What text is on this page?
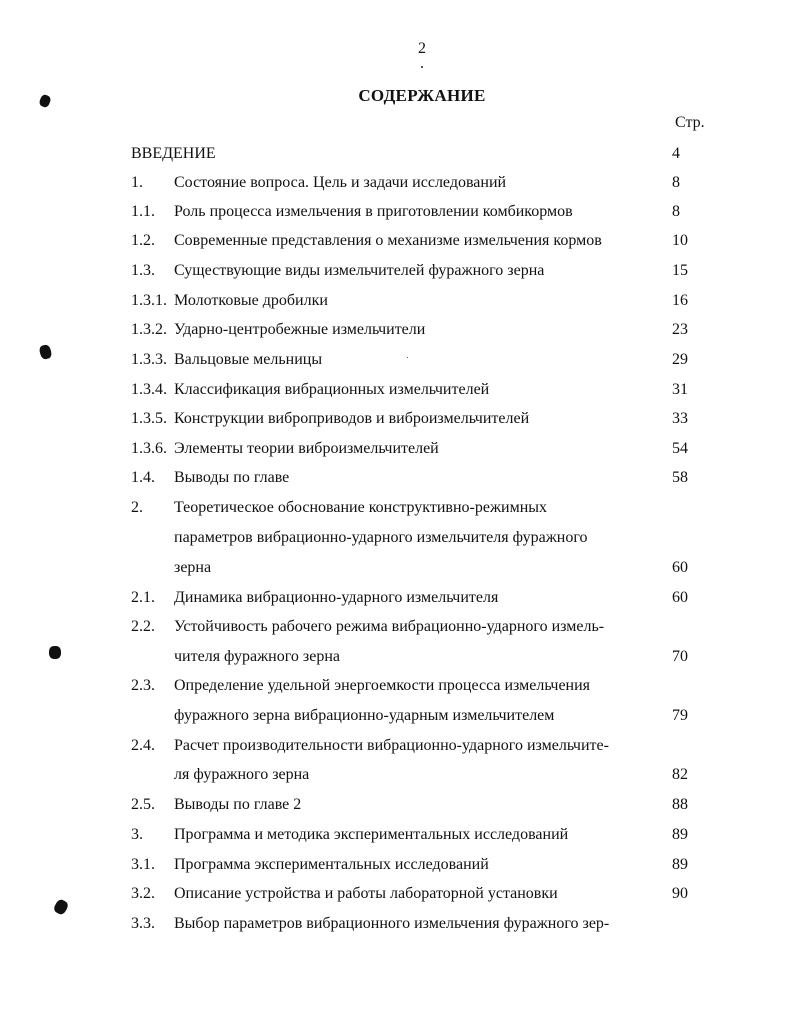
2
СОДЕРЖАНИЕ
Стр.
ВВЕДЕНИЕ	4
1. Состояние вопроса. Цель и задачи исследований	8
1.1. Роль процесса измельчения в приготовлении комбикормов	8
1.2. Современные представления о механизме измельчения кормов	10
1.3. Существующие виды измельчителей фуражного зерна	15
1.3.1. Молотковые дробилки	16
1.3.2. Ударно-центробежные измельчители	23
1.3.3. Вальцовые мельницы	29
1.3.4. Классификация вибрационных измельчителей	31
1.3.5. Конструкции виброприводов и виброизмельчителей	33
1.3.6. Элементы теории виброизмельчителей	54
1.4. Выводы по главе	58
2. Теоретическое обоснование конструктивно-режимных
параметров вибрационно-ударного измельчителя фуражного
зерна	60
2.1. Динамика вибрационно-ударного измельчителя	60
2.2. Устойчивость рабочего режима вибрационно-ударного измель-
чителя фуражного зерна	70
2.3. Определение удельной энергоемкости процесса измельчения
фуражного зерна вибрационно-ударным измельчителем	79
2.4. Расчет производительности вибрационно-ударного измельчите-
ля фуражного зерна	82
2.5. Выводы по главе 2	88
3. Программа и методика экспериментальных исследований	89
3.1. Программа экспериментальных исследований	89
3.2. Описание устройства и работы лабораторной установки	90
3.3. Выбор параметров вибрационного измельчения фуражного зер-
